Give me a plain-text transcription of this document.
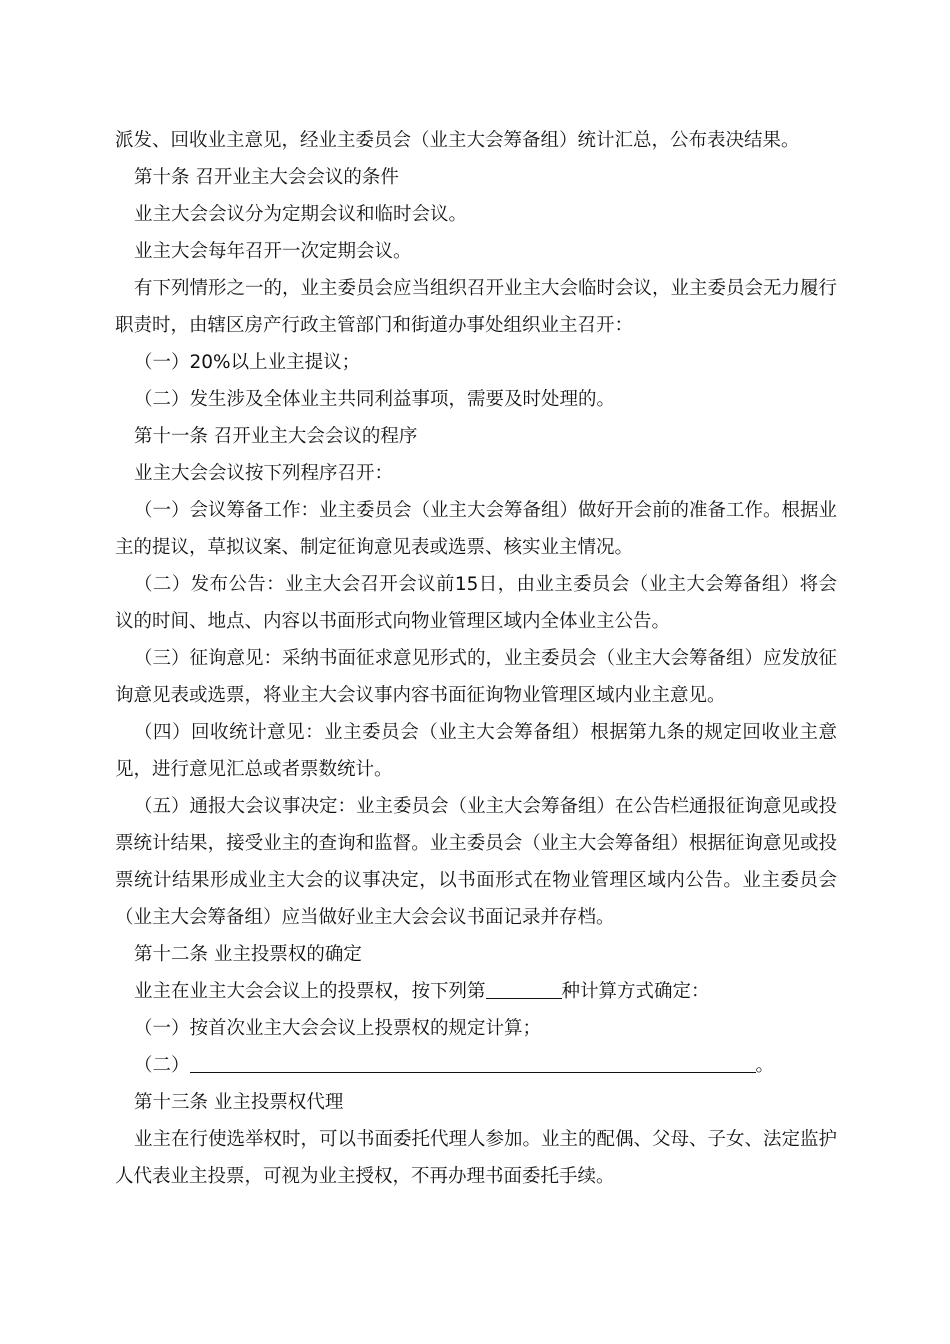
派发、回收业主意见，经业主委员会（业主大会筹备组）统计汇总，公布表决结果。

第十条 召开业主大会会议的条件

业主大会会议分为定期会议和临时会议。

业主大会每年召开一次定期会议。

有下列情形之一的，业主委员会应当组织召开业主大会临时会议，业主委员会无力履行职责时，由辖区房产行政主管部门和街道办事处组织业主召开：

（一）20%以上业主提议；

（二）发生涉及全体业主共同利益事项，需要及时处理的。

第十一条 召开业主大会会议的程序

业主大会会议按下列程序召开：

（一）会议筹备工作：业主委员会（业主大会筹备组）做好开会前的准备工作。根据业主的提议，草拟议案、制定征询意见表或选票、核实业主情况。

（二）发布公告：业主大会召开会议前15日，由业主委员会（业主大会筹备组）将会议的时间、地点、内容以书面形式向物业管理区域内全体业主公告。

（三）征询意见：采纳书面征求意见形式的，业主委员会（业主大会筹备组）应发放征询意见表或选票，将业主大会议事内容书面征询物业管理区域内业主意见。

（四）回收统计意见：业主委员会（业主大会筹备组）根据第九条的规定回收业主意见，进行意见汇总或者票数统计。

（五）通报大会议事决定：业主委员会（业主大会筹备组）在公告栏通报征询意见或投票统计结果，接受业主的查询和监督。业主委员会（业主大会筹备组）根据征询意见或投票统计结果形成业主大会的议事决定，以书面形式在物业管理区域内公告。业主委员会（业主大会筹备组）应当做好业主大会会议书面记录并存档。

第十二条 业主投票权的确定

业主在业主大会会议上的投票权，按下列第	种计算方式确定：

（一）按首次业主大会会议上投票权的规定计算；

（二）	。

第十三条 业主投票权代理

业主在行使选举权时，可以书面委托代理人参加。业主的配偶、父母、子女、法定监护人代表业主投票，可视为业主授权，不再办理书面委托手续。
